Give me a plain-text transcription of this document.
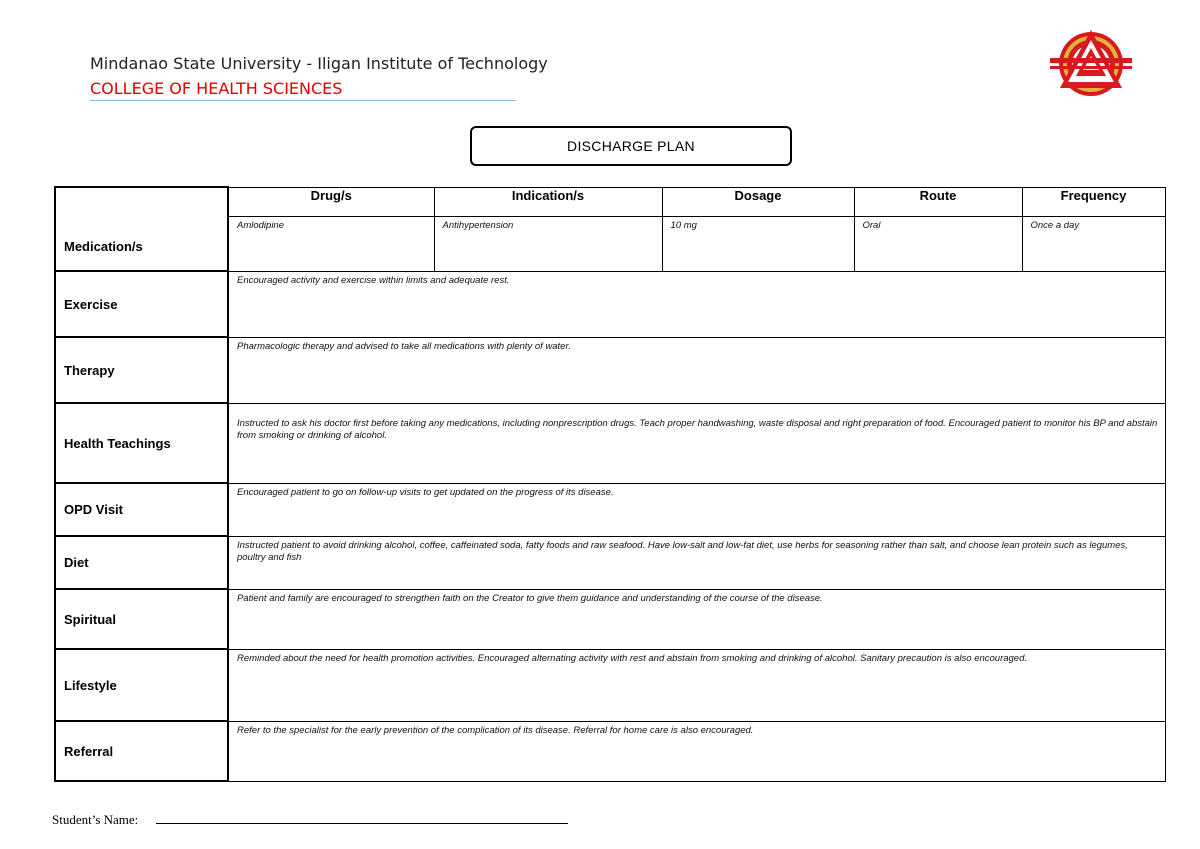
Mindanao State University - Iligan Institute of Technology
COLLEGE OF HEALTH SCIENCES
DISCHARGE PLAN
Medication/s	Drug/s	Indication/s	Dosage	Route	Frequency

	Amlodipine	Antihypertension	10 mg	Oral	Once a day

Exercise	Encouraged activity and exercise within limits and adequate rest.				

Therapy	Pharmacologic therapy and advised to take all medications with plenty of water.				

Health Teachings	Instructed to ask his doctor first before taking any medications, including nonprescription drugs. Teach proper handwashing, waste disposal and right preparation of food. Encouraged patient to monitor his BP and abstain from smoking or drinking of alcohol.				

OPD Visit	Encouraged patient to go on follow-up visits to get updated on the progress of its disease.				

Diet	Instructed patient to avoid drinking alcohol, coffee, caffeinated soda, fatty foods and raw seafood. Have low-salt and low-fat diet, use herbs for seasoning rather than salt, and choose lean protein such as legumes, poultry and fish				

Spiritual	Patient and family are encouraged to strengthen faith on the Creator to give them guidance and understanding of the course of the disease.				

Lifestyle	Reminded about the need for health promotion activities. Encouraged alternating activity with rest and abstain from smoking and drinking of alcohol. Sanitary precaution is also encouraged.				

Referral	Refer to the specialist for the early prevention of the complication of its disease. Referral for home care is also encouraged.				
Student’s Name:
